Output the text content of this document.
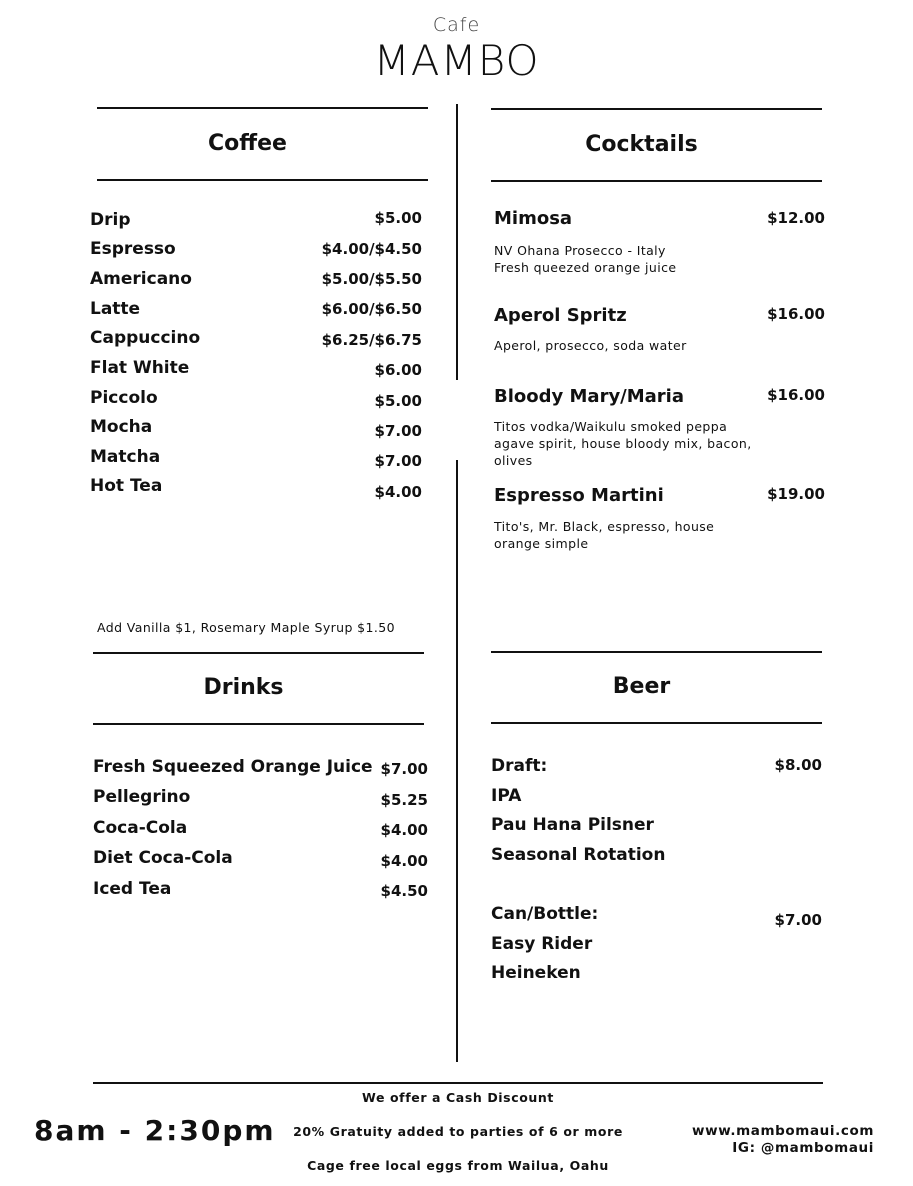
Cafe
MAMBO
Coffee
Drip	$5.00
Espresso	$4.00/$4.50
Americano	$5.00/$5.50
Latte	$6.00/$6.50
Cappuccino	$6.25/$6.75
Flat White	$6.00
Piccolo	$5.00
Mocha	$7.00
Matcha	$7.00
Hot Tea	$4.00
Add Vanilla $1, Rosemary Maple Syrup $1.50
Cocktails
Mimosa	$12.00
NV Ohana Prosecco - Italy
Fresh queezed orange juice
Aperol Spritz	$16.00
Aperol, prosecco, soda water
Bloody Mary/Maria	$16.00
Titos vodka/Waikulu smoked peppa
agave spirit, house bloody mix, bacon,
olives
Espresso Martini	$19.00
Tito's, Mr. Black, espresso, house
orange simple
Drinks
Fresh Squeezed Orange Juice $7.00
Pellegrino	$5.25
Coca-Cola	$4.00
Diet Coca-Cola	$4.00
Iced Tea	$4.50
Beer
Draft:	$8.00
IPA
Pau Hana Pilsner
Seasonal Rotation
Can/Bottle:	$7.00
Easy Rider
Heineken
We offer a Cash Discount
8am - 2:30pm	20% Gratuity added to parties of 6 or more
Cage free local eggs from Wailua, Oahu
www.mambomaui.com
IG: @mambomaui
